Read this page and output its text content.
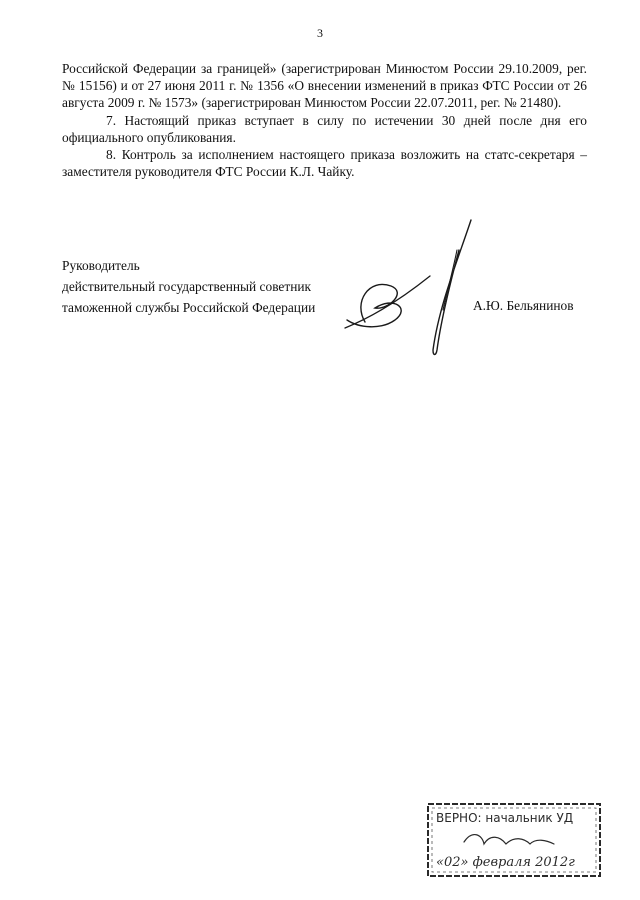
3

Российской Федерации за границей» (зарегистрирован Минюстом России 29.10.2009, рег. № 15156) и от 27 июня 2011 г. № 1356 «О внесении изменений в приказ ФТС России от 26 августа 2009 г. № 1573» (зарегистрирован Минюстом России 22.07.2011, рег. № 21480).

7. Настоящий приказ вступает в силу по истечении 30 дней после дня его официального опубликования.

8. Контроль за исполнением настоящего приказа возложить на статс-секретаря – заместителя руководителя ФТС России К.Л. Чайку.

Руководитель
действительный государственный советник
таможенной службы Российской Федерации	А.Ю. Бельянинов
ВЕРНО: начальник УД
«02» февраля 2012г
